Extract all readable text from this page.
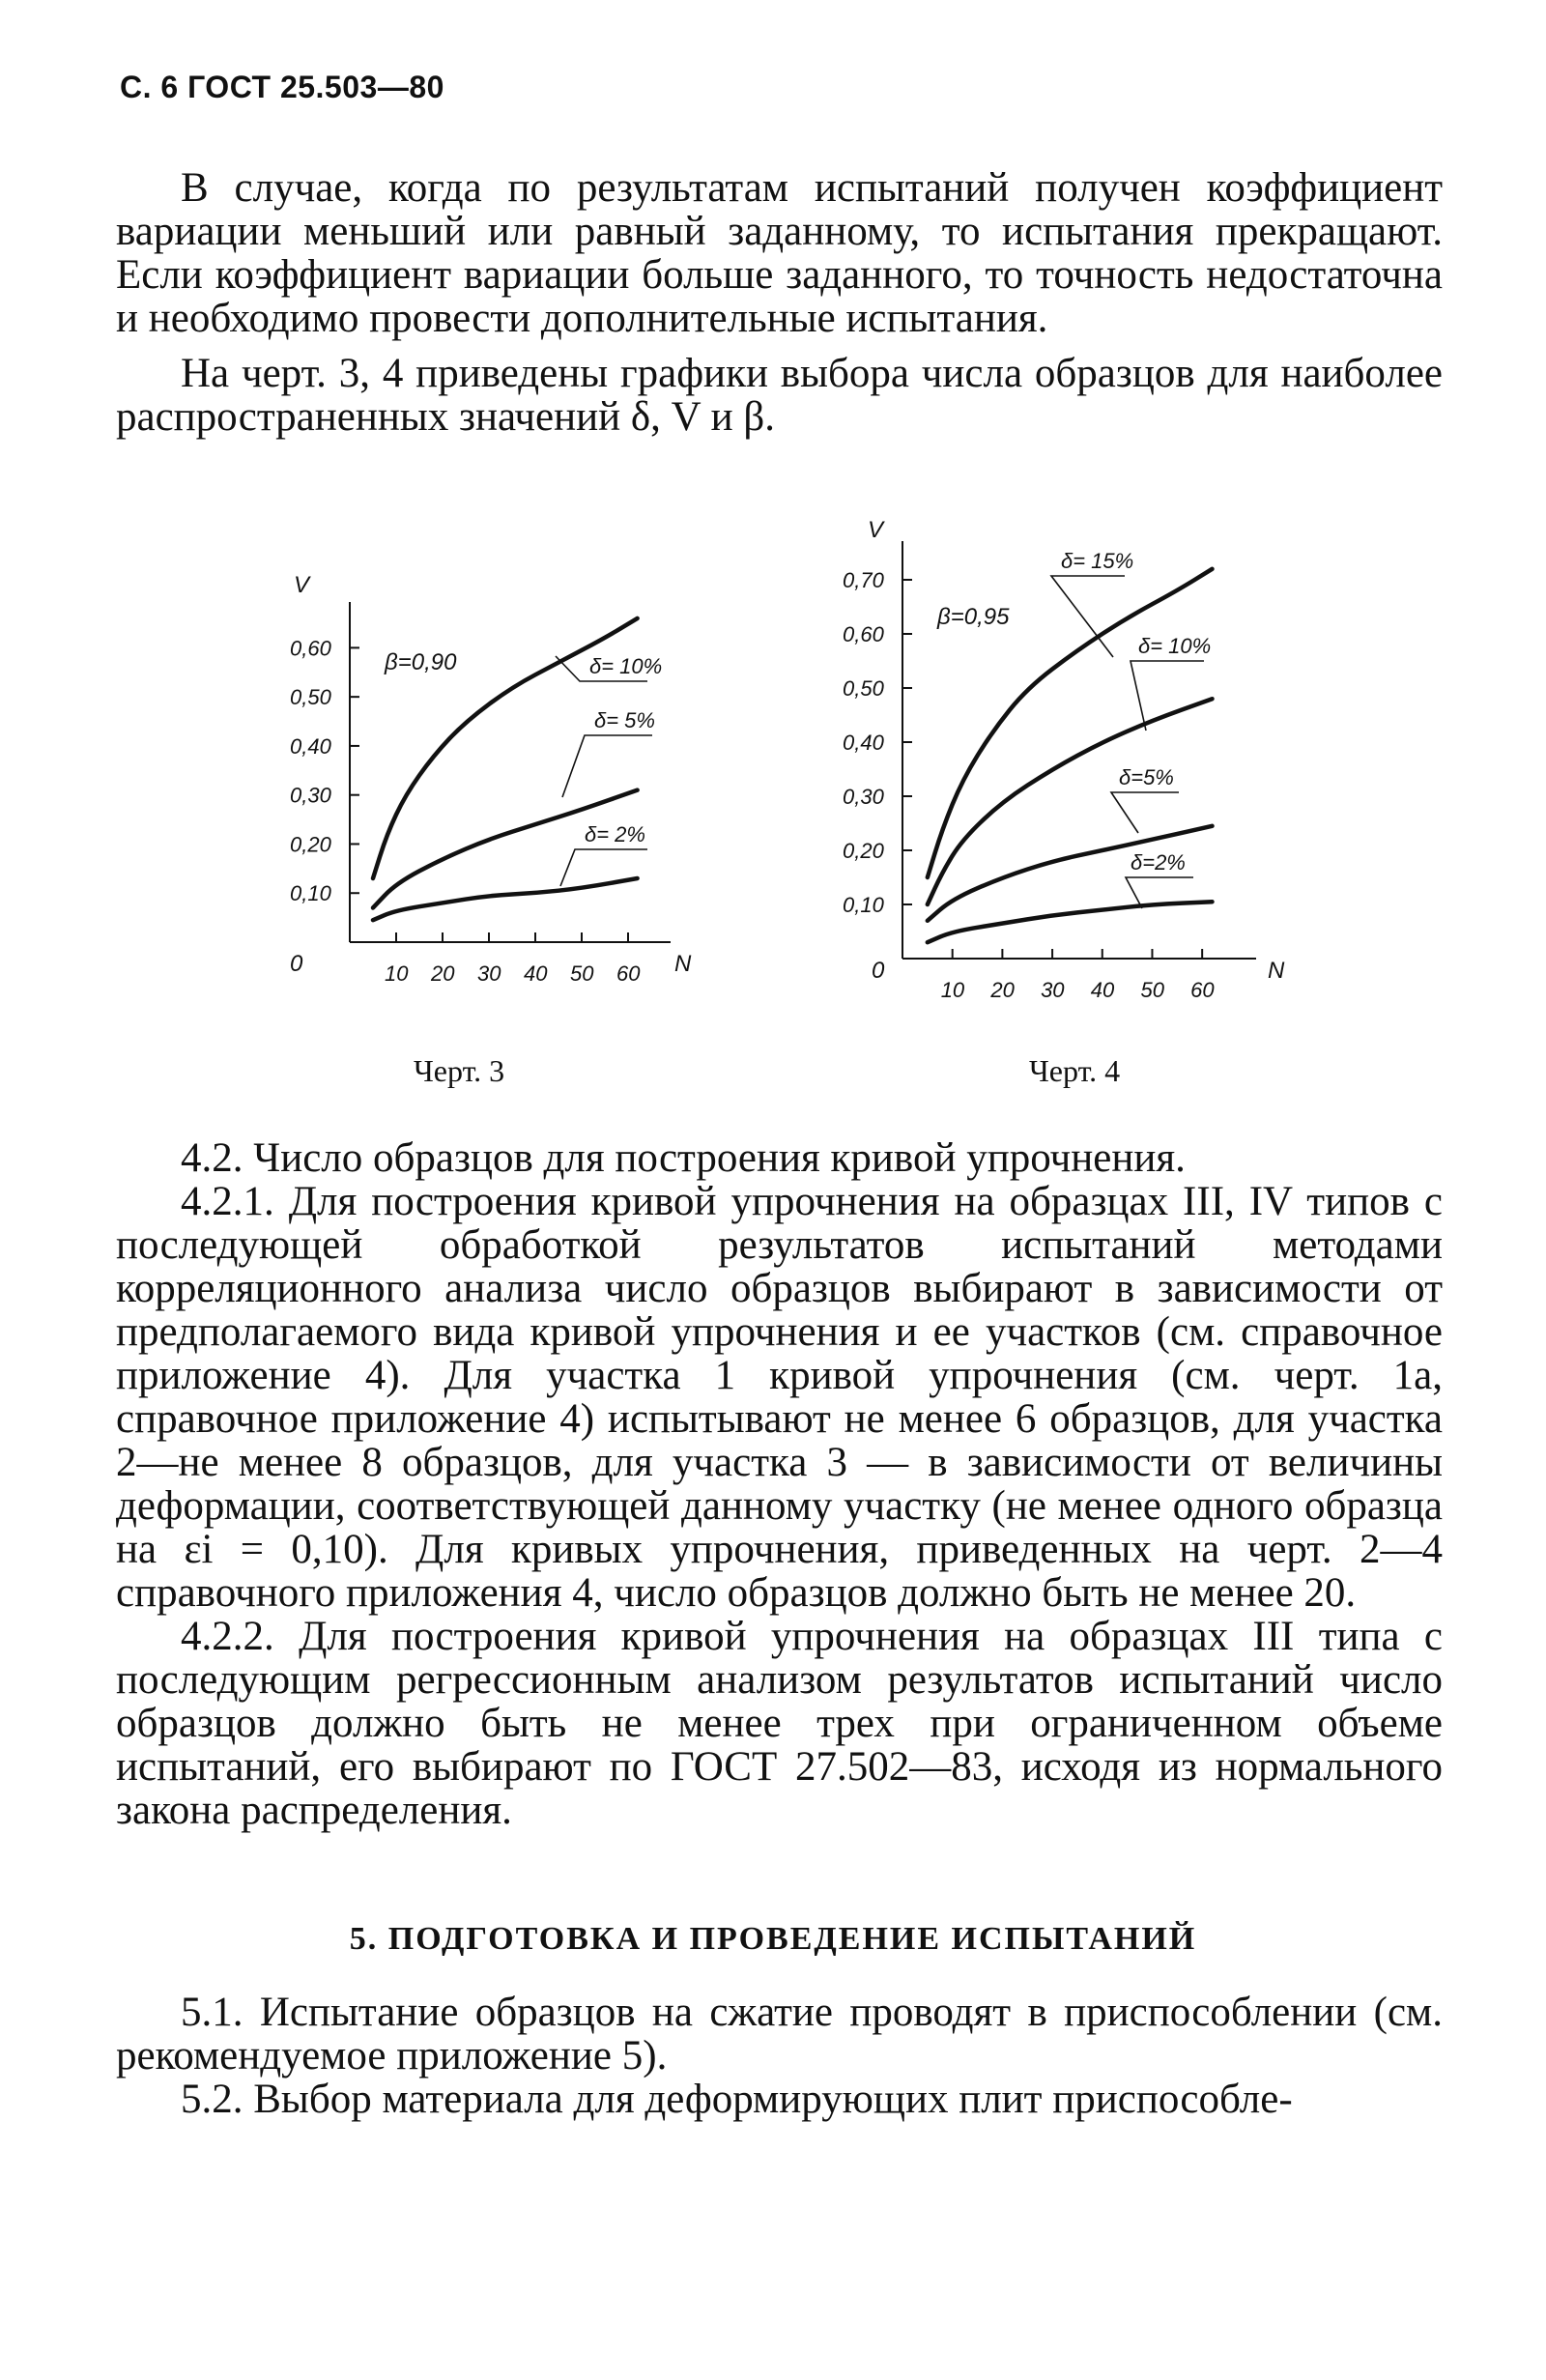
С. 6 ГОСТ 25.503—80

В случае, когда по результатам испытаний получен коэффициент вариации меньший или равный заданному, то испытания прекращают. Если коэффициент вариации больше заданного, то точность недостаточна и необходимо провести дополнительные испытания.

На черт. 3, 4 приведены графики выбора числа образцов для наиболее распространенных значений δ, V и β.

V
N
0
β=0,90
10 20 30 40 50 60
0,10
0,20
0,30
0,40
0,50
0,60
δ= 10%
δ= 5%
δ= 2%
V
N
0
β=0,95
10 20 30 40 50 60
0,10
0,20
0,30
0,40
0,50
0,60
0,70
δ= 15%
δ= 10%
δ=5%
δ=2%
Черт. 3	Черт. 4

4.2. Число образцов для построения кривой упрочнения.

4.2.1. Для построения кривой упрочнения на образцах III, IV типов с последующей обработкой результатов испытаний методами корреляционного анализа число образцов выбирают в зависимости от предполагаемого вида кривой упрочнения и ее участков (см. справочное приложение 4). Для участка 1 кривой упрочнения (см. черт. 1а, справочное приложение 4) испытывают не менее 6 образцов, для участка 2—не менее 8 образцов, для участка 3 — в зависимости от величины деформации, соответствующей данному участку (не менее одного образца на εi = 0,10). Для кривых упрочнения, приведенных на черт. 2—4 справочного приложения 4, число образцов должно быть не менее 20.

4.2.2. Для построения кривой упрочнения на образцах III типа с последующим регрессионным анализом результатов испытаний число образцов должно быть не менее трех при ограниченном объеме испытаний, его выбирают по ГОСТ 27.502—83, исходя из нормального закона распределения.

5. ПОДГОТОВКА И ПРОВЕДЕНИЕ ИСПЫТАНИЙ

5.1. Испытание образцов на сжатие проводят в приспособлении (см. рекомендуемое приложение 5).

5.2. Выбор материала для деформирующих плит приспособле-
